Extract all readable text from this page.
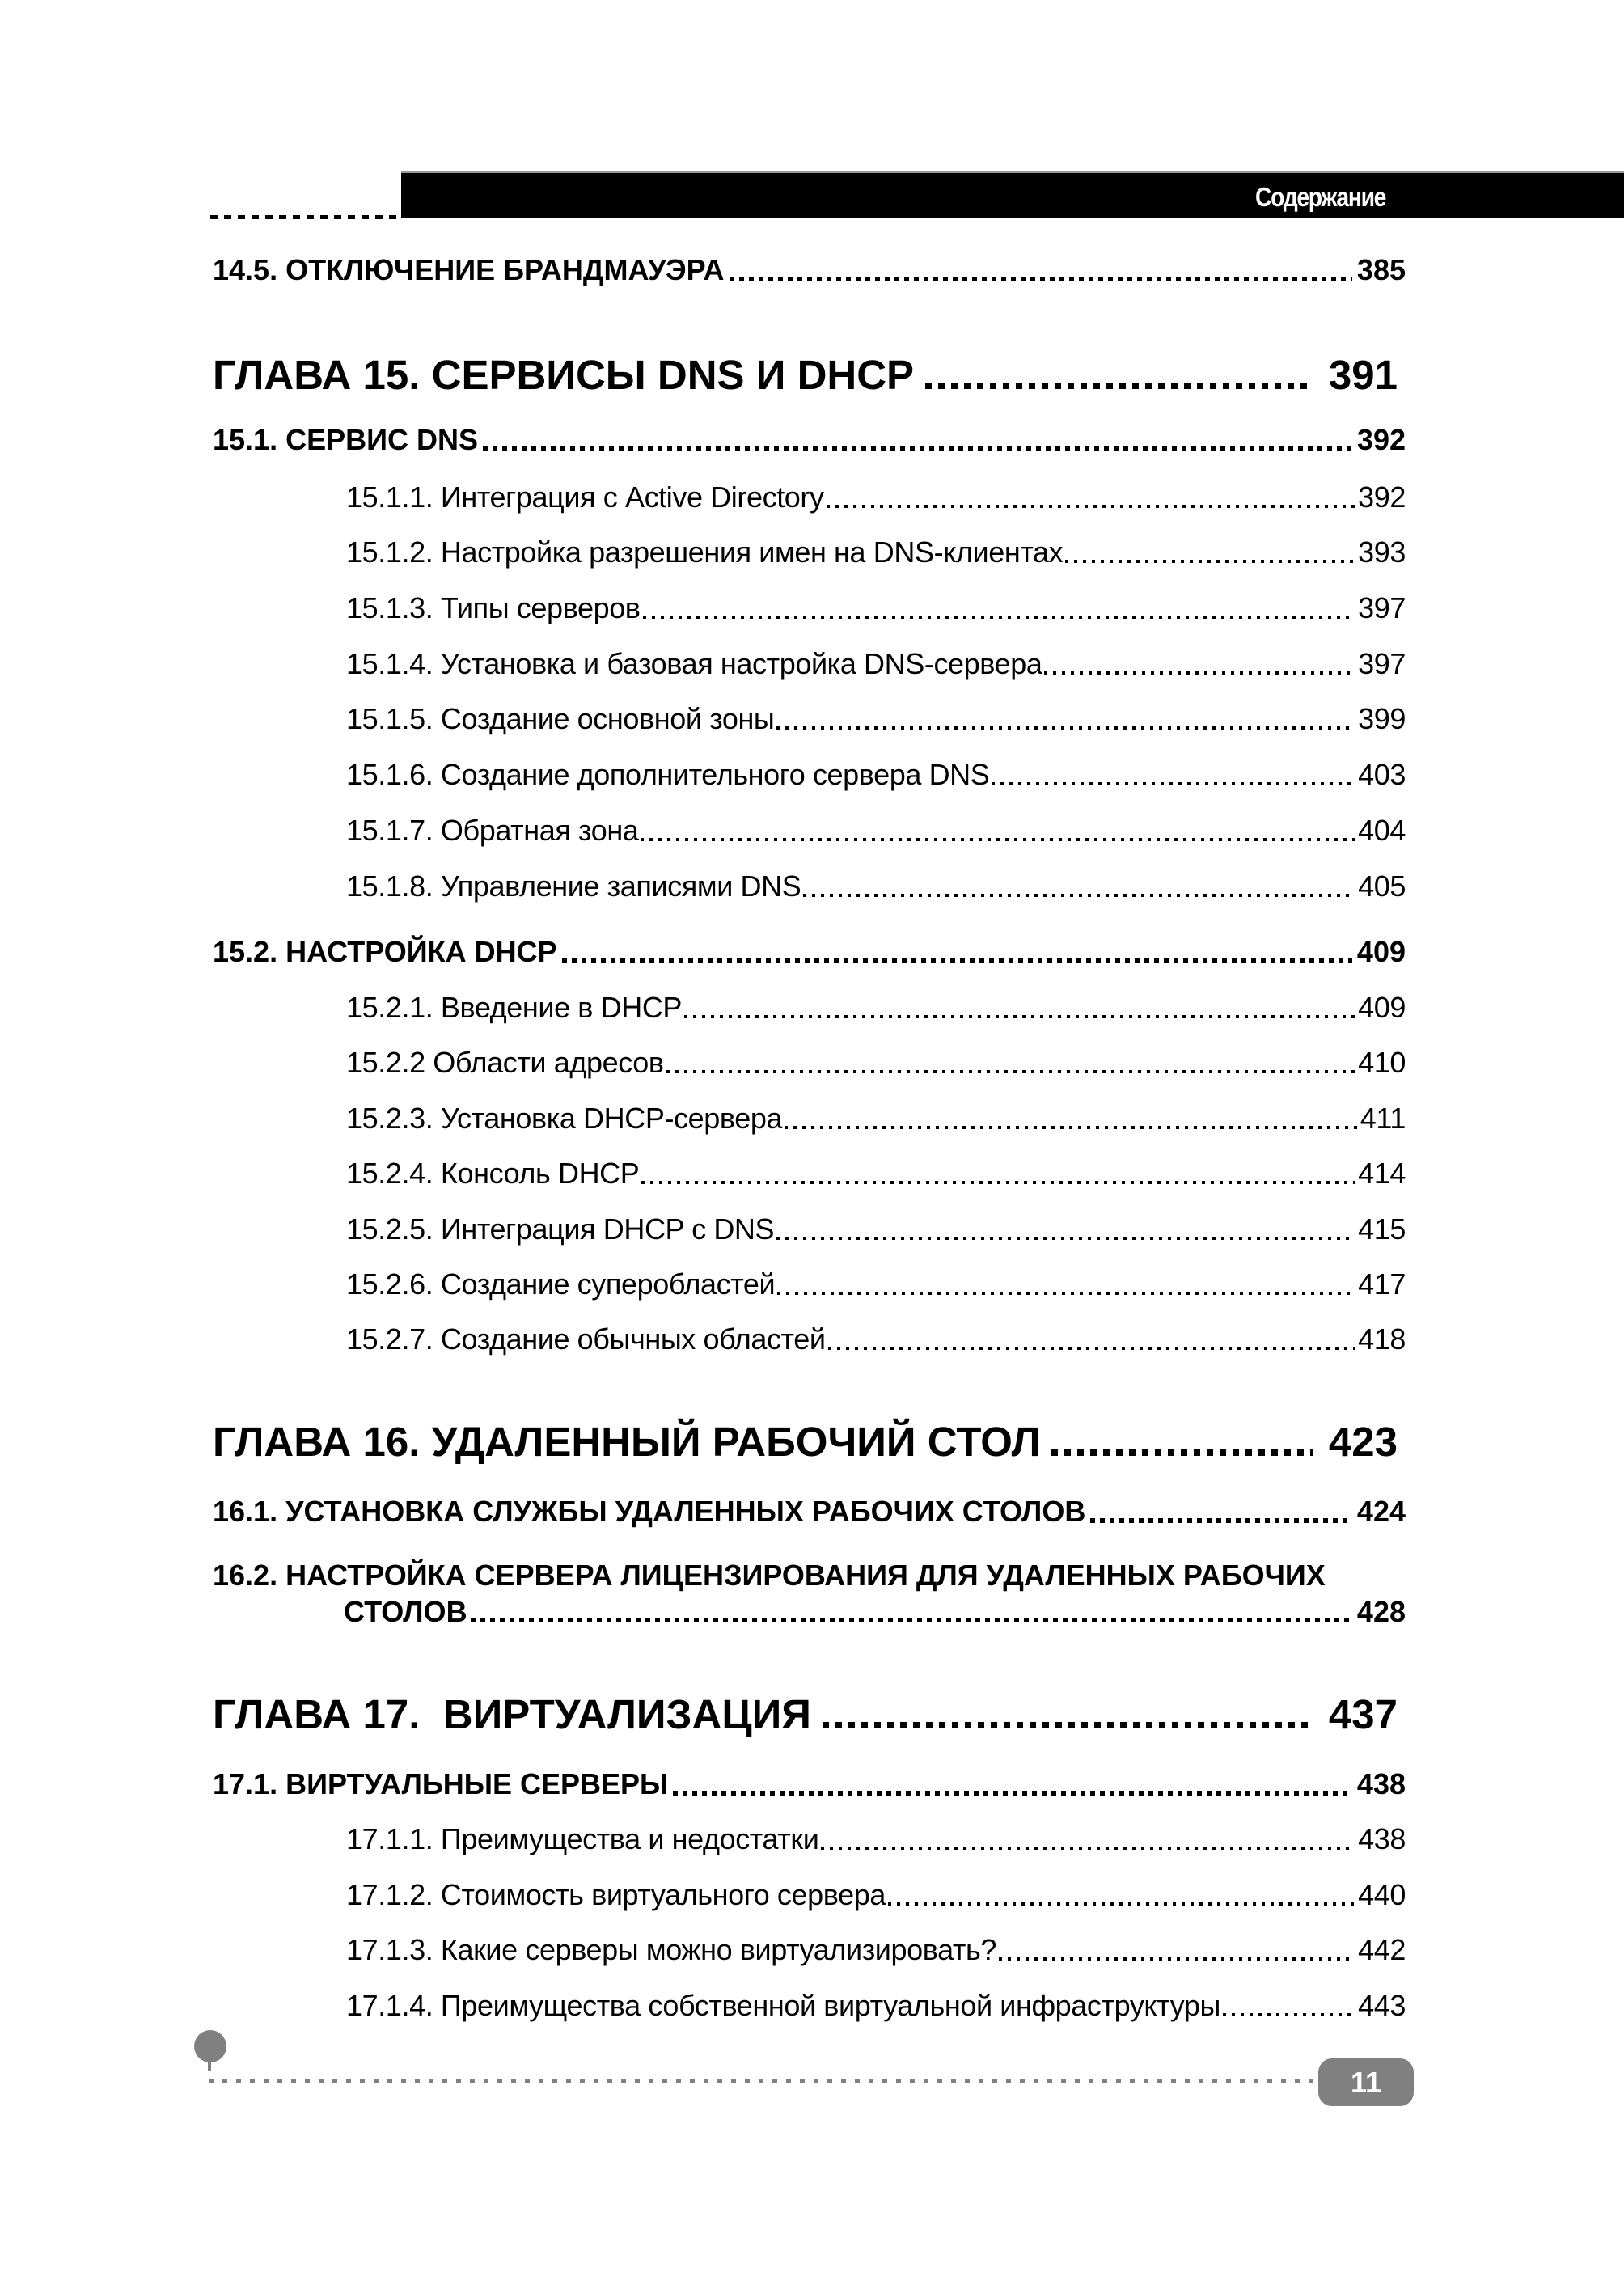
Содержание
14.5. ОТКЛЮЧЕНИЕ БРАНДМАУЭРА	385
ГЛАВА 15. СЕРВИСЫ DNS И DHCP	391
15.1. СЕРВИС DNS	392
15.1.1. Интеграция с Active Directory	392
15.1.2. Настройка разрешения имен на DNS-клиентах	393
15.1.3. Типы серверов	397
15.1.4. Установка и базовая настройка DNS-сервера	397
15.1.5. Создание основной зоны	399
15.1.6. Создание дополнительного сервера DNS	403
15.1.7. Обратная зона	404
15.1.8. Управление записями DNS	405
15.2. НАСТРОЙКА DHCP	409
15.2.1. Введение в DHCP	409
15.2.2 Области адресов	410
15.2.3. Установка DHCP-сервера	411
15.2.4. Консоль DHCP	414
15.2.5. Интеграция DHCP с DNS	415
15.2.6. Создание суперобластей	417
15.2.7. Создание обычных областей	418
ГЛАВА 16. УДАЛЕННЫЙ РАБОЧИЙ СТОЛ	423
16.1. УСТАНОВКА СЛУЖБЫ УДАЛЕННЫХ РАБОЧИХ СТОЛОВ	424
16.2. НАСТРОЙКА СЕРВЕРА ЛИЦЕНЗИРОВАНИЯ ДЛЯ УДАЛЕННЫХ РАБОЧИХ
СТОЛОВ	428
ГЛАВА 17.  ВИРТУАЛИЗАЦИЯ	437
17.1. ВИРТУАЛЬНЫЕ СЕРВЕРЫ	438
17.1.1. Преимущества и недостатки	438
17.1.2. Стоимость виртуального сервера	440
17.1.3. Какие серверы можно виртуализировать?	442
17.1.4. Преимущества собственной виртуальной инфраструктуры	443
11
